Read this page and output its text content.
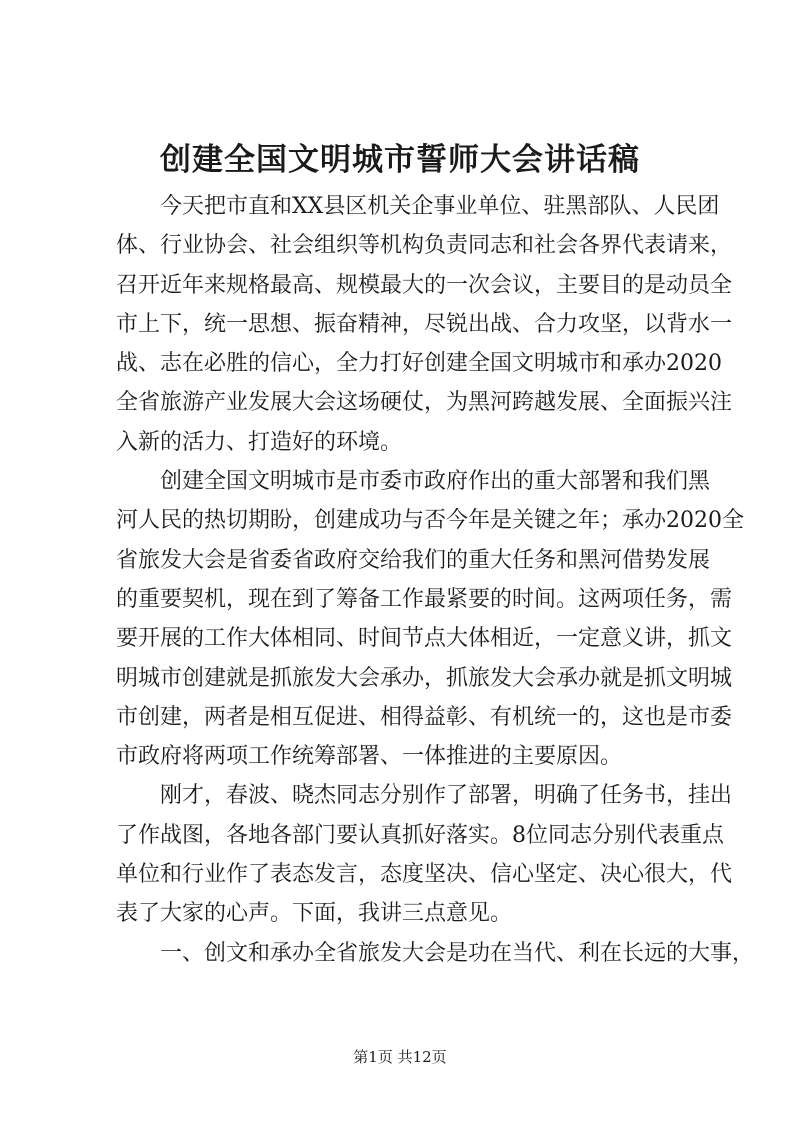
创建全国文明城市誓师大会讲话稿
今天把市直和XX县区机关企事业单位、驻黑部队、人民团
体、行业协会、社会组织等机构负责同志和社会各界代表请来，
召开近年来规格最高、规模最大的一次会议，主要目的是动员全
市上下，统一思想、振奋精神，尽锐出战、合力攻坚，以背水一
战、志在必胜的信心，全力打好创建全国文明城市和承办2020
全省旅游产业发展大会这场硬仗，为黑河跨越发展、全面振兴注
入新的活力、打造好的环境。
创建全国文明城市是市委市政府作出的重大部署和我们黑
河人民的热切期盼，创建成功与否今年是关键之年；承办2020全
省旅发大会是省委省政府交给我们的重大任务和黑河借势发展
的重要契机，现在到了筹备工作最紧要的时间。这两项任务，需
要开展的工作大体相同、时间节点大体相近，一定意义讲，抓文
明城市创建就是抓旅发大会承办，抓旅发大会承办就是抓文明城
市创建，两者是相互促进、相得益彰、有机统一的，这也是市委
市政府将两项工作统筹部署、一体推进的主要原因。
刚才，春波、晓杰同志分别作了部署，明确了任务书，挂出
了作战图，各地各部门要认真抓好落实。8位同志分别代表重点
单位和行业作了表态发言，态度坚决、信心坚定、决心很大，代
表了大家的心声。下面，我讲三点意见。
一、创文和承办全省旅发大会是功在当代、利在长远的大事，
第1页 共12页
